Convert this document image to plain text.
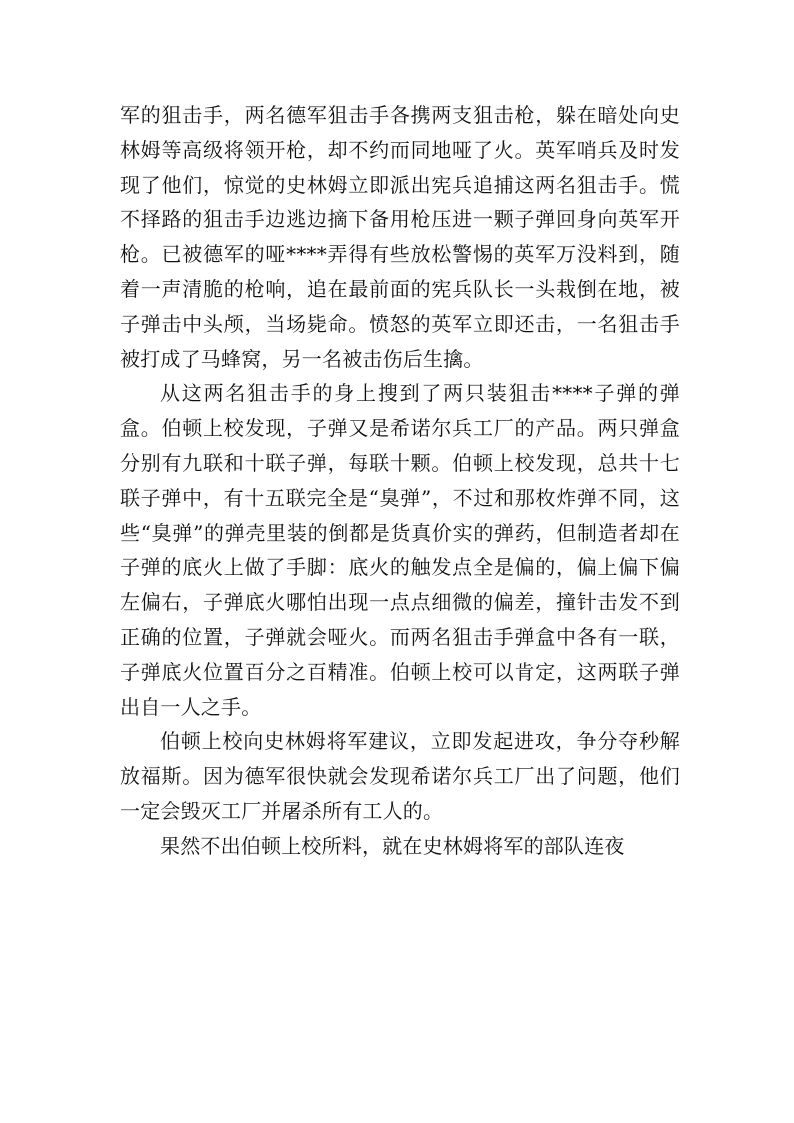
军的狙击手，两名德军狙击手各携两支狙击枪，躲在暗处向史林姆等高级将领开枪，却不约而同地哑了火。英军哨兵及时发现了他们，惊觉的史林姆立即派出宪兵追捕这两名狙击手。慌不择路的狙击手边逃边摘下备用枪压进一颗子弹回身向英军开枪。已被德军的哑****弄得有些放松警惕的英军万没料到，随着一声清脆的枪响，追在最前面的宪兵队长一头栽倒在地，被子弹击中头颅，当场毙命。愤怒的英军立即还击，一名狙击手被打成了马蜂窝，另一名被击伤后生擒。

从这两名狙击手的身上搜到了两只装狙击****子弹的弹盒。伯顿上校发现，子弹又是希诺尔兵工厂的产品。两只弹盒分别有九联和十联子弹，每联十颗。伯顿上校发现，总共十七联子弹中，有十五联完全是“臭弹”，不过和那枚炸弹不同，这些“臭弹”的弹壳里装的倒都是货真价实的弹药，但制造者却在子弹的底火上做了手脚：底火的触发点全是偏的，偏上偏下偏左偏右，子弹底火哪怕出现一点点细微的偏差，撞针击发不到正确的位置，子弹就会哑火。而两名狙击手弹盒中各有一联，子弹底火位置百分之百精准。伯顿上校可以肯定，这两联子弹出自一人之手。

伯顿上校向史林姆将军建议，立即发起进攻，争分夺秒解放福斯。因为德军很快就会发现希诺尔兵工厂出了问题，他们一定会毁灭工厂并屠杀所有工人的。

果然不出伯顿上校所料，就在史林姆将军的部队连夜
